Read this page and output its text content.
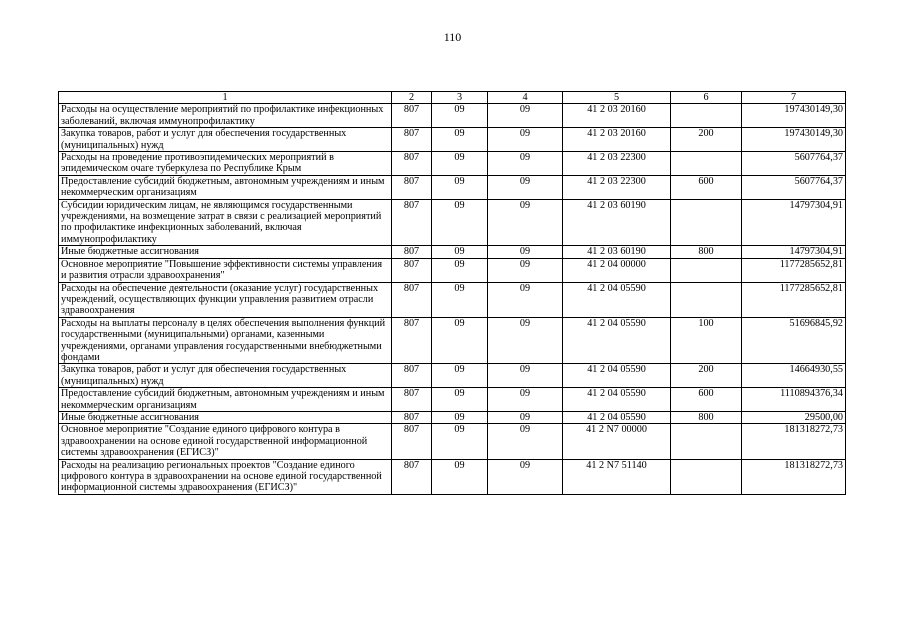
110
1	2	3	4	5	6	7
Расходы на осуществление мероприятий по профилактике инфекционных заболеваний, включая иммунопрофилактику	807	09	09	41 2 03 20160		197430149,30
Закупка товаров, работ и услуг для обеспечения государственных (муниципальных) нужд	807	09	09	41 2 03 20160	200	197430149,30
Расходы на проведение противоэпидемических мероприятий в эпидемическом очаге туберкулеза по Республике Крым	807	09	09	41 2 03 22300		5607764,37
Предоставление субсидий бюджетным, автономным учреждениям и иным некоммерческим организациям	807	09	09	41 2 03 22300	600	5607764,37
Субсидии юридическим лицам, не являющимся государственными учреждениями, на возмещение затрат в связи с реализацией мероприятий по профилактике инфекционных заболеваний, включая иммунопрофилактику	807	09	09	41 2 03 60190		14797304,91
Иные бюджетные ассигнования	807	09	09	41 2 03 60190	800	14797304,91
Основное мероприятие "Повышение эффективности системы управления и развития отрасли здравоохранения"	807	09	09	41 2 04 00000		1177285652,81
Расходы на обеспечение деятельности (оказание услуг) государственных учреждений, осуществляющих функции управления развитием отрасли здравоохранения	807	09	09	41 2 04 05590		1177285652,81
Расходы на выплаты персоналу в целях обеспечения выполнения функций государственными (муниципальными) органами, казенными учреждениями, органами управления государственными внебюджетными фондами	807	09	09	41 2 04 05590	100	51696845,92
Закупка товаров, работ и услуг для обеспечения государственных (муниципальных) нужд	807	09	09	41 2 04 05590	200	14664930,55
Предоставление субсидий бюджетным, автономным учреждениям и иным некоммерческим организациям	807	09	09	41 2 04 05590	600	1110894376,34
Иные бюджетные ассигнования	807	09	09	41 2 04 05590	800	29500,00
Основное мероприятие "Создание единого цифрового контура в здравоохранении на основе единой государственной информационной системы здравоохранения (ЕГИСЗ)"	807	09	09	41 2 N7 00000		181318272,73
Расходы на реализацию региональных проектов "Создание единого цифрового контура в здравоохранении на основе единой государственной информационной системы здравоохранения (ЕГИСЗ)"	807	09	09	41 2 N7 51140		181318272,73
